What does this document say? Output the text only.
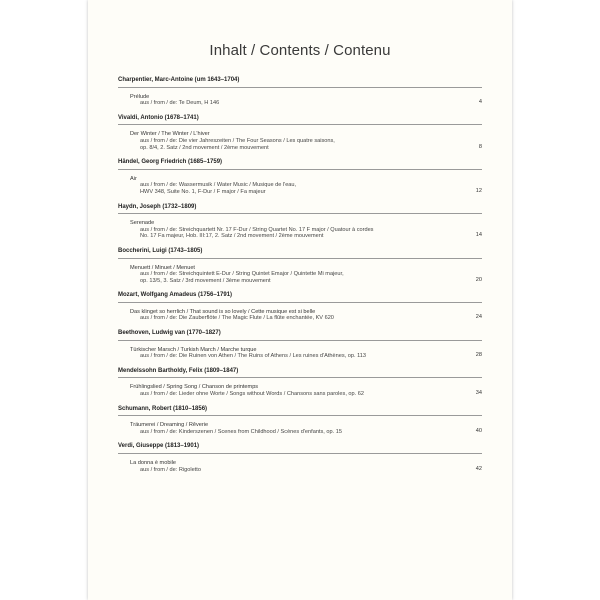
Inhalt / Contents / Contenu
Charpentier, Marc-Antoine (um 1643–1704)
Prélude
aus / from / de: Te Deum, H 146	4
Vivaldi, Antonio (1678–1741)
Der Winter / The Winter / L'hiver
aus / from / de: Die vier Jahreszeiten / The Four Seasons / Les quatre saisons,
op. 8/4, 2. Satz / 2nd movement / 2ème mouvement	8
Händel, Georg Friedrich (1685–1759)
Air
aus / from / de: Wassermusik / Water Music / Musique de l'eau,
HWV 348, Suite No. 1, F-Dur / F major / Fa majeur	12
Haydn, Joseph (1732–1809)
Serenade
aus / from / de: Streichquartett Nr. 17 F-Dur / String Quartet No. 17 F major / Quatour à cordes
No. 17 Fa majeur, Hob. III:17, 2. Satz / 2nd movement / 2ème mouvement	14
Boccherini, Luigi (1743–1805)
Menuett / Minuet / Menuet
aus / from / de: Streichquintett E-Dur / String Quintet Emajor / Quintette Mi majeur,
op. 13/5, 3. Satz / 3rd movement / 3ème mouvement	20
Mozart, Wolfgang Amadeus (1756–1791)
Das klinget so herrlich / That sound is so lovely / Cette musique est si belle
aus / from / de: Die Zauberflöte / The Magic Flute / La flûte enchantée, KV 620	24
Beethoven, Ludwig van (1770–1827)
Türkischer Marsch / Turkish March / Marche turque
aus / from / de: Die Ruinen von Athen / The Ruins of Athens / Les ruines d'Athènes, op. 113	28
Mendelssohn Bartholdy, Felix (1809–1847)
Frühlingslied / Spring Song / Chanson de printemps
aus / from / de: Lieder ohne Worte / Songs without Words / Chansons sans paroles, op. 62	34
Schumann, Robert (1810–1856)
Träumerei / Dreaming / Rêverie
aus / from / de: Kinderszenen / Scenes from Childhood / Scènes d'enfants, op. 15	40
Verdi, Giuseppe (1813–1901)
La donna è mobile
aus / from / de: Rigoletto	42
